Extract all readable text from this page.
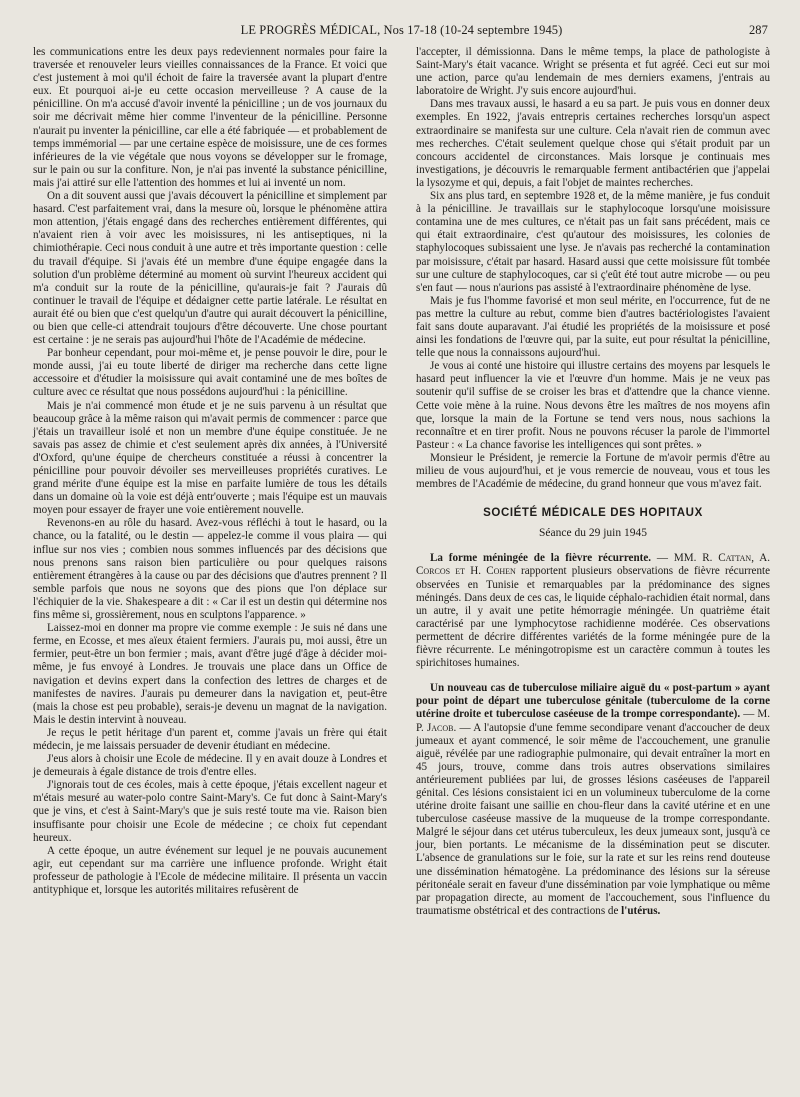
LE PROGRÈS MÉDICAL, Nos 17-18 (10-24 septembre 1945)	287

les communications entre les deux pays redeviennent normales pour faire la traversée et renouveler leurs vieilles connaissances de la France. Et voici que c'est justement à moi qu'il échoit de faire la traversée avant la plupart d'entre eux. Et pourquoi ai-je eu cette occasion merveilleuse ? A cause de la pénicilline. On m'a accusé d'avoir inventé la pénicilline ; un de vos journaux du soir me décrivait même hier comme l'inventeur de la pénicilline. Personne n'aurait pu inventer la pénicilline, car elle a été fabriquée — et probablement de temps immémorial — par une certaine espèce de moisissure, une de ces formes inférieures de la vie végétale que nous voyons se développer sur le fromage, sur le pain ou sur la confiture. Non, je n'ai pas inventé la substance pénicilline, mais j'ai attiré sur elle l'attention des hommes et lui ai inventé un nom.

On a dit souvent aussi que j'avais découvert la pénicilline et simplement par hasard. C'est parfaitement vrai, dans la mesure où, lorsque le phénomène attira mon attention, j'étais engagé dans des recherches entièrement différentes, qui n'avaient rien à voir avec les moisissures, ni les antiseptiques, ni la chimiothérapie. Ceci nous conduit à une autre et très importante question : celle du travail d'équipe. Si j'avais été un membre d'une équipe engagée dans la solution d'un problème déterminé au moment où survint l'heureux accident qui m'a conduit sur la route de la pénicilline, qu'aurais-je fait ? J'aurais dû continuer le travail de l'équipe et dédaigner cette partie latérale. Le résultat en aurait été ou bien que c'est quelqu'un d'autre qui aurait découvert la pénicilline, ou bien que celle-ci attendrait toujours d'être découverte. Une chose pourtant est certaine : je ne serais pas aujourd'hui l'hôte de l'Académie de médecine.

Par bonheur cependant, pour moi-même et, je pense pouvoir le dire, pour le monde aussi, j'ai eu toute liberté de diriger ma recherche dans cette ligne accessoire et d'étudier la moisissure qui avait contaminé une de mes boîtes de culture avec ce résultat que nous possédons aujourd'hui : la pénicilline.

Mais je n'ai commencé mon étude et je ne suis parvenu à un résultat que beaucoup grâce à la même raison qui m'avait permis de commencer : parce que j'étais un travailleur isolé et non un membre d'une équipe constituée. Je ne savais pas assez de chimie et c'est seulement après dix années, à l'Université d'Oxford, qu'une équipe de chercheurs constituée a réussi à concentrer la pénicilline pour pouvoir dévoiler ses merveilleuses propriétés curatives. Le grand mérite d'une équipe est la mise en parfaite lumière de tous les détails dans un domaine où la voie est déjà entr'ouverte ; mais l'équipe est un mauvais moyen pour essayer de frayer une voie entièrement nouvelle.

Revenons-en au rôle du hasard. Avez-vous réfléchi à tout le hasard, ou la chance, ou la fatalité, ou le destin — appelez-le comme il vous plaira — qui influe sur nos vies ; combien nous sommes influencés par des décisions que nous prenons sans raison bien particulière ou pour quelques raisons entièrement étrangères à la cause ou par des décisions que d'autres prennent ? Il semble parfois que nous ne soyons que des pions que l'on déplace sur l'échiquier de la vie. Shakespeare a dit : « Car il est un destin qui détermine nos fins même si, grossièrement, nous en sculptons l'apparence. »

Laissez-moi en donner ma propre vie comme exemple : Je suis né dans une ferme, en Ecosse, et mes aïeux étaient fermiers. J'aurais pu, moi aussi, être un fermier, peut-être un bon fermier ; mais, avant d'être jugé d'âge à décider moi-même, je fus envoyé à Londres. Je trouvais une place dans un Office de navigation et devins expert dans la confection des lettres de charges et de manifestes de navires. J'aurais pu demeurer dans la navigation et, peut-être (mais la chose est peu probable), serais-je devenu un magnat de la navigation. Mais le destin intervint à nouveau.

Je reçus le petit héritage d'un parent et, comme j'avais un frère qui était médecin, je me laissais persuader de devenir étudiant en médecine.

J'eus alors à choisir une Ecole de médecine. Il y en avait douze à Londres et je demeurais à égale distance de trois d'entre elles.

J'ignorais tout de ces écoles, mais à cette époque, j'étais excellent nageur et m'étais mesuré au water-polo contre Saint-Mary's. Ce fut donc à Saint-Mary's que je vins, et c'est à Saint-Mary's que je suis resté toute ma vie. Raison bien insuffisante pour choisir une Ecole de médecine ; ce choix fut cependant heureux.

A cette époque, un autre événement sur lequel je ne pouvais aucunement agir, eut cependant sur ma carrière une influence profonde. Wright était professeur de pathologie à l'Ecole de médecine militaire. Il présenta un vaccin antityphique et, lorsque les autorités militaires refusèrent de

l'accepter, il démissionna. Dans le même temps, la place de pathologiste à Saint-Mary's était vacance. Wright se présenta et fut agréé. Ceci eut sur moi une action, parce qu'au lendemain de mes derniers examens, j'entrais au laboratoire de Wright. J'y suis encore aujourd'hui.

Dans mes travaux aussi, le hasard a eu sa part. Je puis vous en donner deux exemples. En 1922, j'avais entrepris certaines recherches lorsqu'un aspect extraordinaire se manifesta sur une culture. Cela n'avait rien de commun avec mes recherches. C'était seulement quelque chose qui s'était produit par un concours accidentel de circonstances. Mais lorsque je continuais mes investigations, je découvris le remarquable ferment antibactérien que j'appelai la lysozyme et qui, depuis, a fait l'objet de maintes recherches.

Six ans plus tard, en septembre 1928 et, de la même manière, je fus conduit à la pénicilline. Je travaillais sur le staphylocoque lorsqu'une moisissure contamina une de mes cultures, ce n'était pas un fait sans précédent, mais ce qui était extraordinaire, c'est qu'autour des moisissures, les colonies de staphylocoques subissaient une lyse. Je n'avais pas recherché la contamination par moisissure, c'était par hasard. Hasard aussi que cette moisissure fût tombée sur une culture de staphylocoques, car si ç'eût été tout autre microbe — ou peu s'en faut — nous n'aurions pas assisté à l'extraordinaire phénomène de lyse.

Mais je fus l'homme favorisé et mon seul mérite, en l'occurrence, fut de ne pas mettre la culture au rebut, comme bien d'autres bactériologistes l'avaient fait sans doute auparavant. J'ai étudié les propriétés de la moisissure et posé ainsi les fondations de l'œuvre qui, par la suite, eut pour résultat la pénicilline, telle que nous la connaissons aujourd'hui.

Je vous ai conté une histoire qui illustre certains des moyens par lesquels le hasard peut influencer la vie et l'œuvre d'un homme. Mais je ne veux pas soutenir qu'il suffise de se croiser les bras et d'attendre que la chance vienne. Cette voie mène à la ruine. Nous devons être les maîtres de nos moyens afin que, lorsque la main de la Fortune se tend vers nous, nous sachions la reconnaître et en tirer profit. Nous ne pouvons récuser la parole de l'immortel Pasteur : « La chance favorise les intelligences qui sont prêtes. »

Monsieur le Président, je remercie la Fortune de m'avoir permis d'être au milieu de vous aujourd'hui, et je vous remercie de nouveau, vous et tous les membres de l'Académie de médecine, du grand honneur que vous m'avez fait.

SOCIÉTÉ MÉDICALE DES HOPITAUX
Séance du 29 juin 1945

La forme méningée de la fièvre récurrente. — MM. R. Cattan, A. Corcos et H. Cohen rapportent plusieurs observations de fièvre récurrente observées en Tunisie et remarquables par la prédominance des signes méningés. Dans deux de ces cas, le liquide céphalo-rachidien était normal, dans un autre, il y avait une petite hémorragie méningée. Un quatrième était caractérisé par une lymphocytose rachidienne modérée. Ces observations permettent de décrire différentes variétés de la forme méningée pure de la fièvre récurrente. Le méningotropisme est un caractère commun à toutes les spirichitoses humaines.

Un nouveau cas de tuberculose miliaire aiguë du « post-partum » ayant pour point de départ une tuberculose génitale (tuberculome de la corne utérine droite et tuberculose caséeuse de la trompe correspondante). — M. P. Jacob. — A l'autopsie d'une femme secondipare venant d'accoucher de deux jumeaux et ayant commencé, le soir même de l'accouchement, une granulie aiguë, révélée par une radiographie pulmonaire, qui devait entraîner la mort en 45 jours, trouve, comme dans trois autres observations similaires antérieurement publiées par lui, de grosses lésions caséeuses de l'appareil génital. Ces lésions consistaient ici en un volumineux tuberculome de la corne utérine droite faisant une saillie en chou-fleur dans la cavité utérine et en une tuberculose caséeuse massive de la muqueuse de la trompe correspondante. Malgré le séjour dans cet utérus tuberculeux, les deux jumeaux sont, jusqu'à ce jour, bien portants. Le mécanisme de la dissémination peut se discuter. L'absence de granulations sur le foie, sur la rate et sur les reins rend douteuse une dissémination hématogène. La prédominance des lésions sur la séreuse péritonéale serait en faveur d'une dissémination par voie lymphatique ou même par propagation directe, au moment de l'accouchement, sous l'influence du traumatisme obstétrical et des contractions de l'utérus.
